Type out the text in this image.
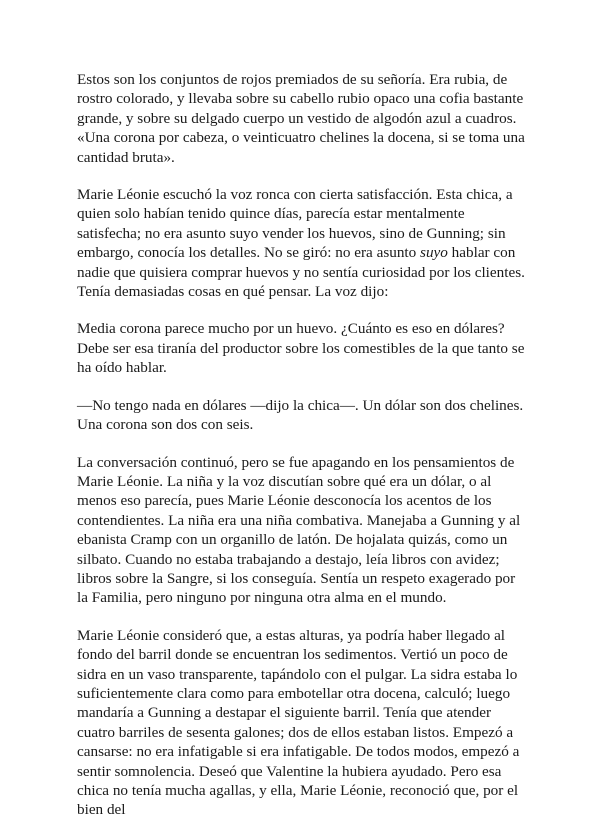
Estos son los conjuntos de rojos premiados de su señoría. Era rubia, de rostro colorado, y llevaba sobre su cabello rubio opaco una cofia bastante grande, y sobre su delgado cuerpo un vestido de algodón azul a cuadros. «Una corona por cabeza, o veinticuatro chelines la docena, si se toma una cantidad bruta».

Marie Léonie escuchó la voz ronca con cierta satisfacción. Esta chica, a quien solo habían tenido quince días, parecía estar mentalmente satisfecha; no era asunto suyo vender los huevos, sino de Gunning; sin embargo, conocía los detalles. No se giró: no era asunto suyo hablar con nadie que quisiera comprar huevos y no sentía curiosidad por los clientes. Tenía demasiadas cosas en qué pensar. La voz dijo:

Media corona parece mucho por un huevo. ¿Cuánto es eso en dólares? Debe ser esa tiranía del productor sobre los comestibles de la que tanto se ha oído hablar.

—No tengo nada en dólares —dijo la chica—. Un dólar son dos chelines. Una corona son dos con seis.

La conversación continuó, pero se fue apagando en los pensamientos de Marie Léonie. La niña y la voz discutían sobre qué era un dólar, o al menos eso parecía, pues Marie Léonie desconocía los acentos de los contendientes. La niña era una niña combativa. Manejaba a Gunning y al ebanista Cramp con un organillo de latón. De hojalata quizás, como un silbato. Cuando no estaba trabajando a destajo, leía libros con avidez; libros sobre la Sangre, si los conseguía. Sentía un respeto exagerado por la Familia, pero ninguno por ninguna otra alma en el mundo.

Marie Léonie consideró que, a estas alturas, ya podría haber llegado al fondo del barril donde se encuentran los sedimentos. Vertió un poco de sidra en un vaso transparente, tapándolo con el pulgar. La sidra estaba lo suficientemente clara como para embotellar otra docena, calculó; luego mandaría a Gunning a destapar el siguiente barril. Tenía que atender cuatro barriles de sesenta galones; dos de ellos estaban listos. Empezó a cansarse: no era infatigable si era infatigable. De todos modos, empezó a sentir somnolencia. Deseó que Valentine la hubiera ayudado. Pero esa chica no tenía mucha agallas, y ella, Marie Léonie, reconoció que, por el bien del
